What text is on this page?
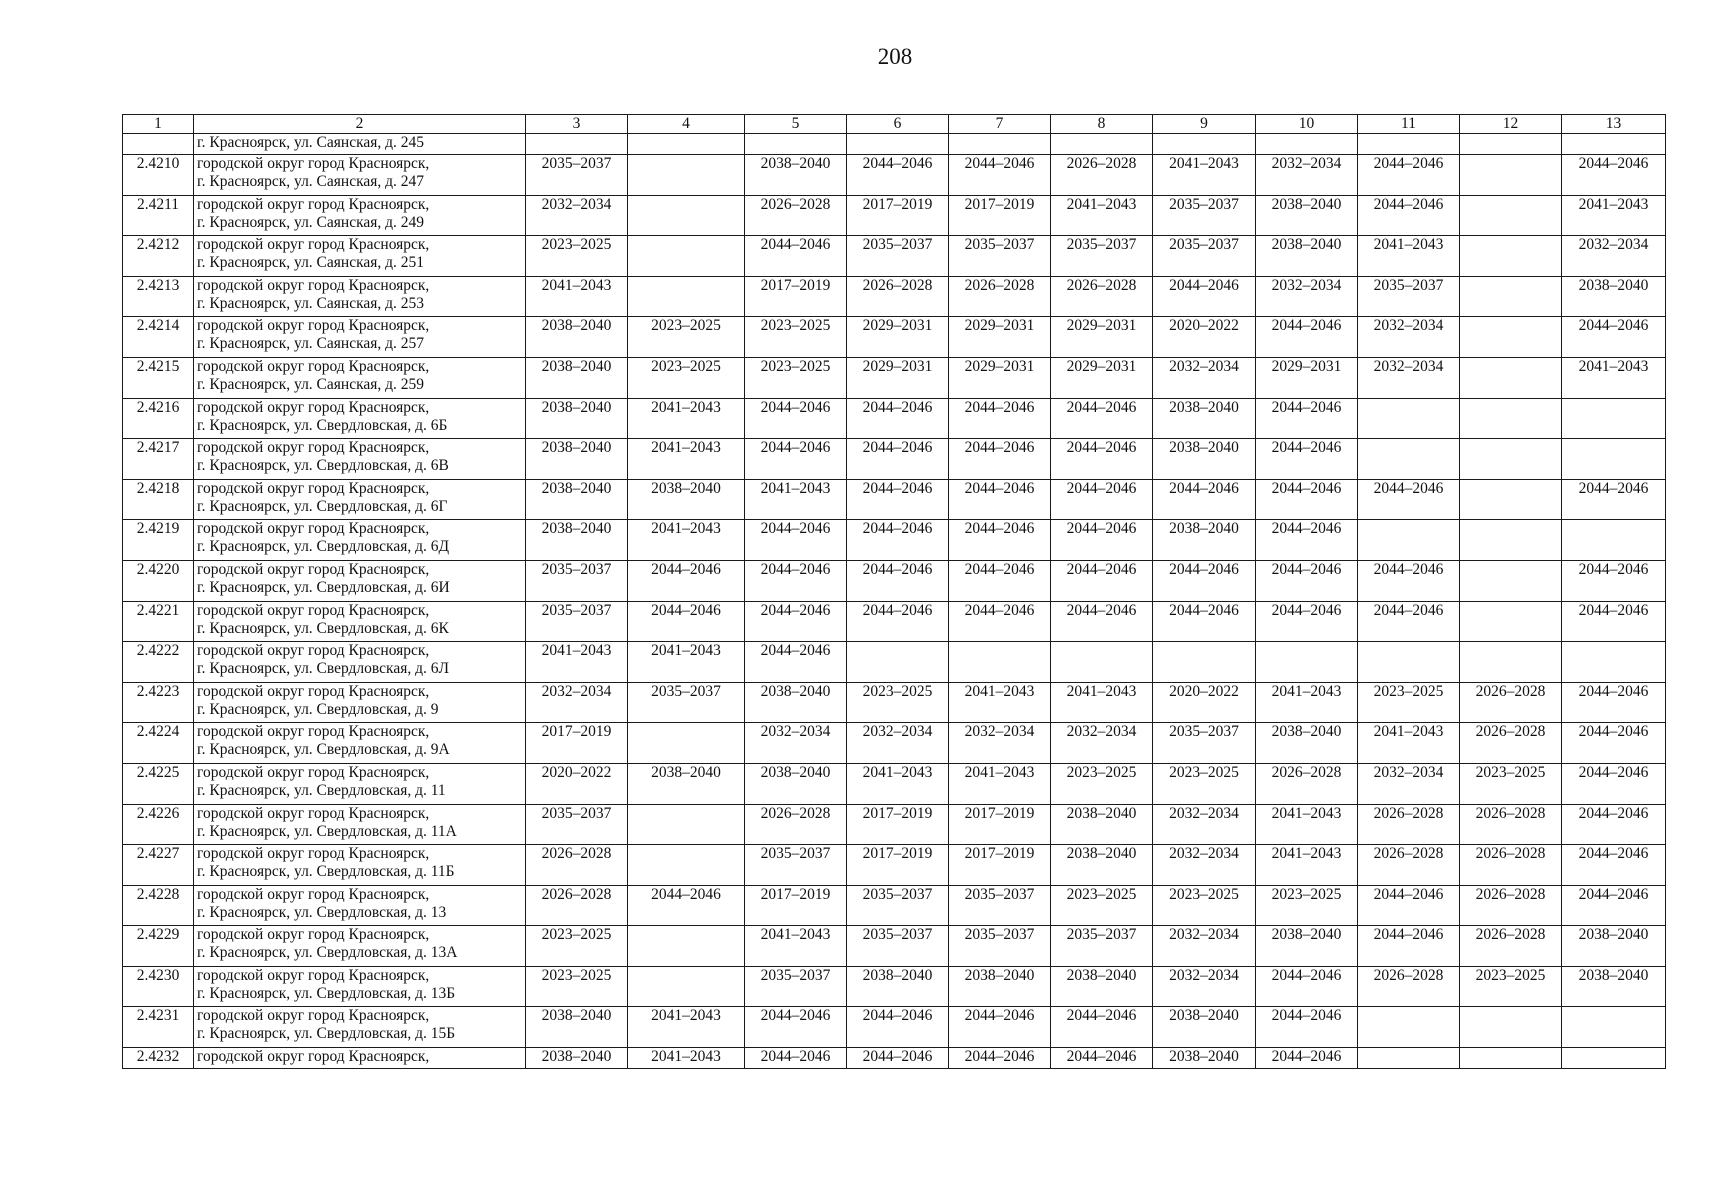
208
1	2	3	4	5	6	7	8	9	10	11	12	13

	г. Красноярск, ул. Саянская, д. 245											

2.4210	городской округ город Красноярск,
г. Красноярск, ул. Саянская, д. 247	2035–2037		2038–2040	2044–2046	2044–2046	2026–2028	2041–2043	2032–2034	2044–2046		2044–2046
2.4211	городской округ город Красноярск,
г. Красноярск, ул. Саянская, д. 249	2032–2034		2026–2028	2017–2019	2017–2019	2041–2043	2035–2037	2038–2040	2044–2046		2041–2043
2.4212	городской округ город Красноярск,
г. Красноярск, ул. Саянская, д. 251	2023–2025		2044–2046	2035–2037	2035–2037	2035–2037	2035–2037	2038–2040	2041–2043		2032–2034
2.4213	городской округ город Красноярск,
г. Красноярск, ул. Саянская, д. 253	2041–2043		2017–2019	2026–2028	2026–2028	2026–2028	2044–2046	2032–2034	2035–2037		2038–2040
2.4214	городской округ город Красноярск,
г. Красноярск, ул. Саянская, д. 257	2038–2040	2023–2025	2023–2025	2029–2031	2029–2031	2029–2031	2020–2022	2044–2046	2032–2034		2044–2046
2.4215	городской округ город Красноярск,
г. Красноярск, ул. Саянская, д. 259	2038–2040	2023–2025	2023–2025	2029–2031	2029–2031	2029–2031	2032–2034	2029–2031	2032–2034		2041–2043
2.4216	городской округ город Красноярск,
г. Красноярск, ул. Свердловская, д. 6Б	2038–2040	2041–2043	2044–2046	2044–2046	2044–2046	2044–2046	2038–2040	2044–2046			
2.4217	городской округ город Красноярск,
г. Красноярск, ул. Свердловская, д. 6В	2038–2040	2041–2043	2044–2046	2044–2046	2044–2046	2044–2046	2038–2040	2044–2046			
2.4218	городской округ город Красноярск,
г. Красноярск, ул. Свердловская, д. 6Г	2038–2040	2038–2040	2041–2043	2044–2046	2044–2046	2044–2046	2044–2046	2044–2046	2044–2046		2044–2046
2.4219	городской округ город Красноярск,
г. Красноярск, ул. Свердловская, д. 6Д	2038–2040	2041–2043	2044–2046	2044–2046	2044–2046	2044–2046	2038–2040	2044–2046			
2.4220	городской округ город Красноярск,
г. Красноярск, ул. Свердловская, д. 6И	2035–2037	2044–2046	2044–2046	2044–2046	2044–2046	2044–2046	2044–2046	2044–2046	2044–2046		2044–2046
2.4221	городской округ город Красноярск,
г. Красноярск, ул. Свердловская, д. 6К	2035–2037	2044–2046	2044–2046	2044–2046	2044–2046	2044–2046	2044–2046	2044–2046	2044–2046		2044–2046
2.4222	городской округ город Красноярск,
г. Красноярск, ул. Свердловская, д. 6Л	2041–2043	2041–2043	2044–2046								
2.4223	городской округ город Красноярск,
г. Красноярск, ул. Свердловская, д. 9	2032–2034	2035–2037	2038–2040	2023–2025	2041–2043	2041–2043	2020–2022	2041–2043	2023–2025	2026–2028	2044–2046
2.4224	городской округ город Красноярск,
г. Красноярск, ул. Свердловская, д. 9А	2017–2019		2032–2034	2032–2034	2032–2034	2032–2034	2035–2037	2038–2040	2041–2043	2026–2028	2044–2046
2.4225	городской округ город Красноярск,
г. Красноярск, ул. Свердловская, д. 11	2020–2022	2038–2040	2038–2040	2041–2043	2041–2043	2023–2025	2023–2025	2026–2028	2032–2034	2023–2025	2044–2046
2.4226	городской округ город Красноярск,
г. Красноярск, ул. Свердловская, д. 11А	2035–2037		2026–2028	2017–2019	2017–2019	2038–2040	2032–2034	2041–2043	2026–2028	2026–2028	2044–2046
2.4227	городской округ город Красноярск,
г. Красноярск, ул. Свердловская, д. 11Б	2026–2028		2035–2037	2017–2019	2017–2019	2038–2040	2032–2034	2041–2043	2026–2028	2026–2028	2044–2046
2.4228	городской округ город Красноярск,
г. Красноярск, ул. Свердловская, д. 13	2026–2028	2044–2046	2017–2019	2035–2037	2035–2037	2023–2025	2023–2025	2023–2025	2044–2046	2026–2028	2044–2046
2.4229	городской округ город Красноярск,
г. Красноярск, ул. Свердловская, д. 13А	2023–2025		2041–2043	2035–2037	2035–2037	2035–2037	2032–2034	2038–2040	2044–2046	2026–2028	2038–2040
2.4230	городской округ город Красноярск,
г. Красноярск, ул. Свердловская, д. 13Б	2023–2025		2035–2037	2038–2040	2038–2040	2038–2040	2032–2034	2044–2046	2026–2028	2023–2025	2038–2040
2.4231	городской округ город Красноярск,
г. Красноярск, ул. Свердловская, д. 15Б	2038–2040	2041–2043	2044–2046	2044–2046	2044–2046	2044–2046	2038–2040	2044–2046			
2.4232	городской округ город Красноярск,	2038–2040	2041–2043	2044–2046	2044–2046	2044–2046	2044–2046	2038–2040	2044–2046			
